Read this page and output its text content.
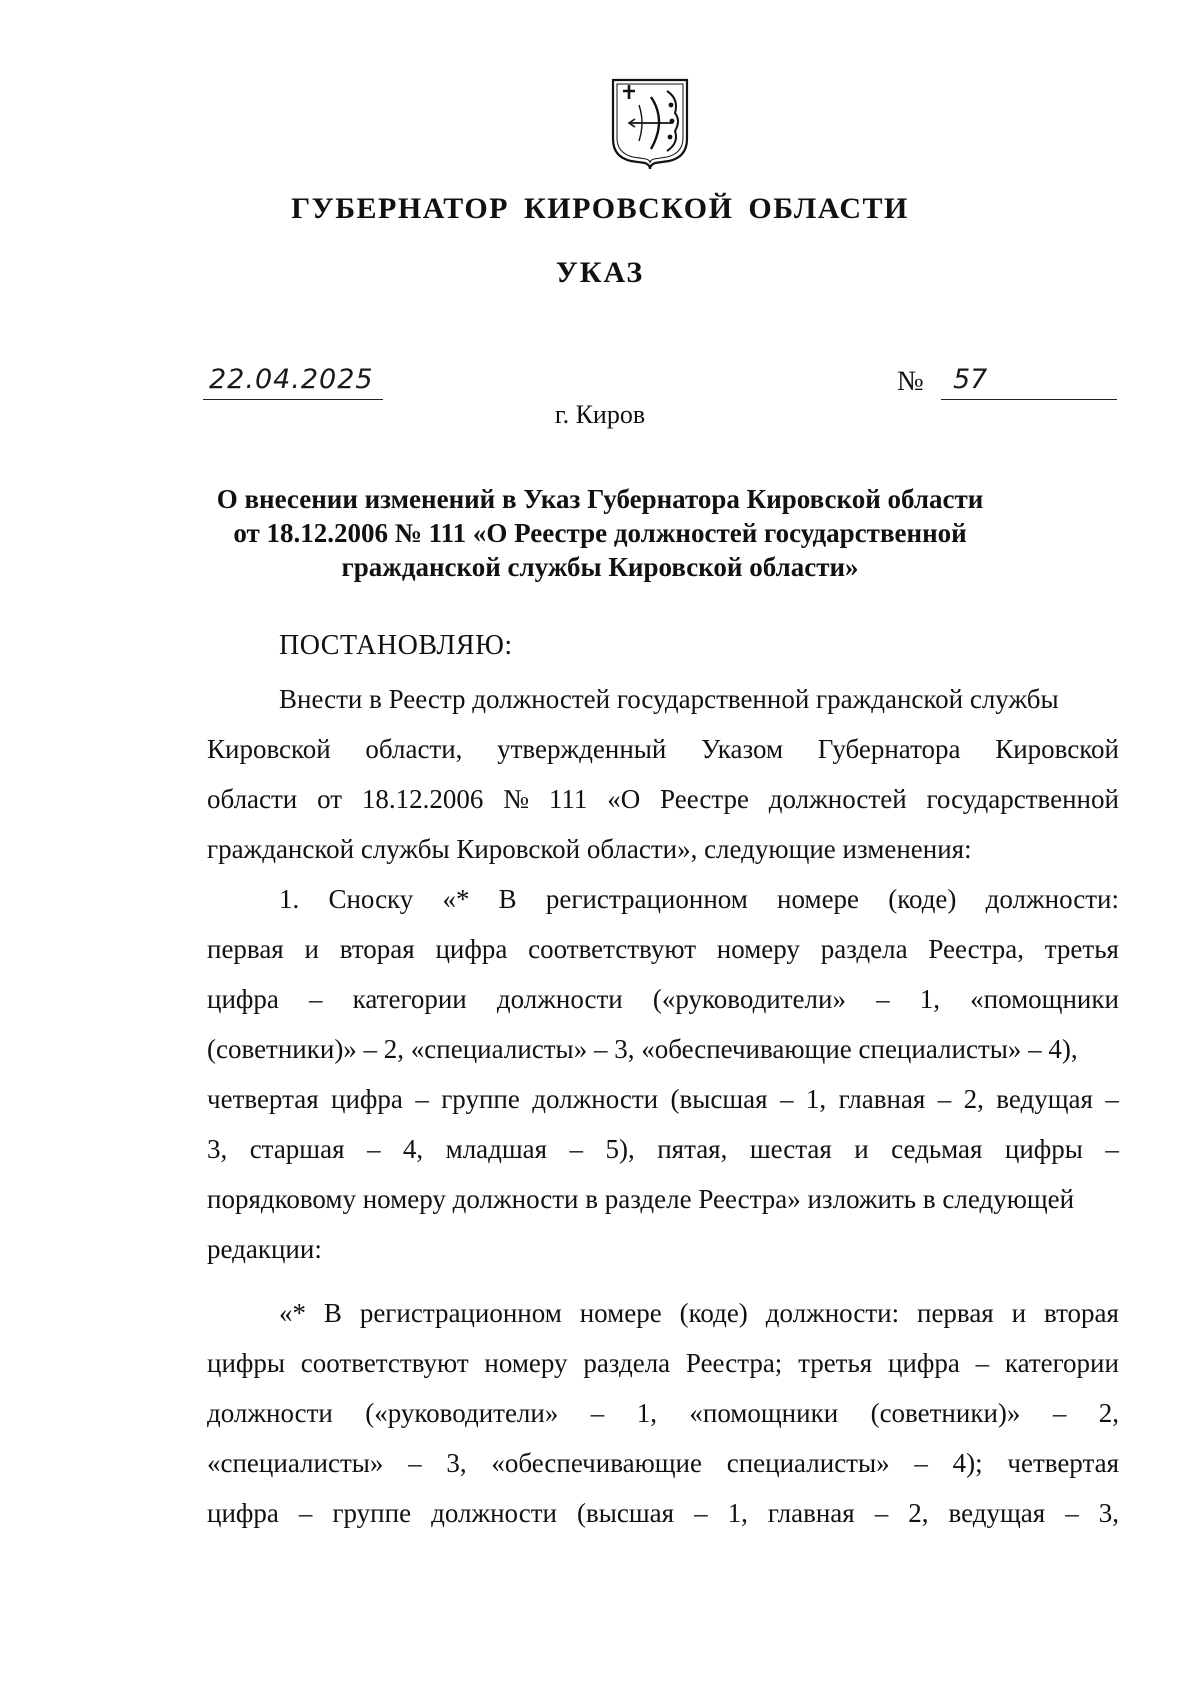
ГУБЕРНАТОР КИРОВСКОЙ ОБЛАСТИ
УКАЗ
22.04.2025	№ 57
г. Киров
О внесении изменений в Указ Губернатора Кировской области
от 18.12.2006 № 111 «О Реестре должностей государственной
гражданской службы Кировской области»
ПОСТАНОВЛЯЮ:
Внести в Реестр должностей государственной гражданской службы
Кировской области, утвержденный Указом Губернатора Кировской
области от 18.12.2006 № 111 «О Реестре должностей государственной
гражданской службы Кировской области», следующие изменения:
1. Сноску «* В регистрационном номере (коде) должности:
первая и вторая цифра соответствуют номеру раздела Реестра, третья
цифра – категории должности («руководители» – 1, «помощники
(советники)» – 2, «специалисты» – 3, «обеспечивающие специалисты» – 4),
четвертая цифра – группе должности (высшая – 1, главная – 2, ведущая –
3, старшая – 4, младшая – 5), пятая, шестая и седьмая цифры –
порядковому номеру должности в разделе Реестра» изложить в следующей
редакции:
«* В регистрационном номере (коде) должности: первая и вторая
цифры соответствуют номеру раздела Реестра; третья цифра – категории
должности («руководители» – 1, «помощники (советники)» – 2,
«специалисты» – 3, «обеспечивающие специалисты» – 4); четвертая
цифра – группе должности (высшая – 1, главная – 2, ведущая – 3,
